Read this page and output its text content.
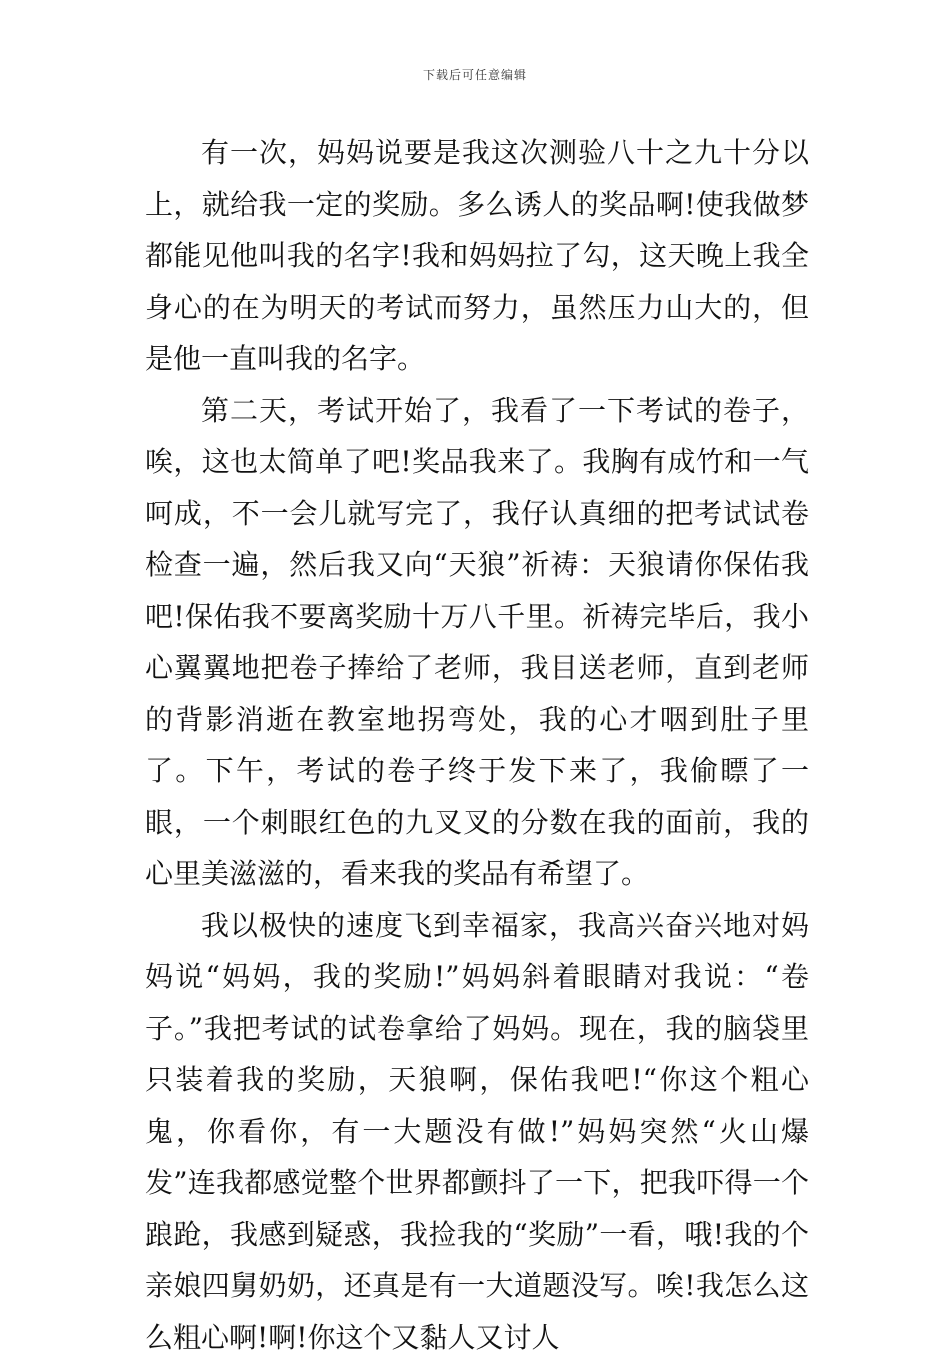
下载后可任意编辑

有一次，妈妈说要是我这次测验八十之九十分以上，就给我一定的奖励。多么诱人的奖品啊!使我做梦都能见他叫我的名字!我和妈妈拉了勾，这天晚上我全身心的在为明天的考试而努力，虽然压力山大的，但是他一直叫我的名字。

第二天，考试开始了，我看了一下考试的卷子，唉，这也太简单了吧!奖品我来了。我胸有成竹和一气呵成，不一会儿就写完了，我仔认真细的把考试试卷检查一遍，然后我又向“天狼”祈祷：天狼请你保佑我吧!保佑我不要离奖励十万八千里。祈祷完毕后，我小心翼翼地把卷子捧给了老师，我目送老师，直到老师的背影消逝在教室地拐弯处，我的心才咽到肚子里了。下午，考试的卷子终于发下来了，我偷瞟了一眼，一个刺眼红色的九叉叉的分数在我的面前，我的心里美滋滋的，看来我的奖品有希望了。

我以极快的速度飞到幸福家，我高兴奋兴地对妈妈说“妈妈，我的奖励!”妈妈斜着眼睛对我说：“卷子。”我把考试的试卷拿给了妈妈。现在，我的脑袋里只装着我的奖励，天狼啊，保佑我吧!“你这个粗心鬼，你看你，有一大题没有做!”妈妈突然“火山爆发”连我都感觉整个世界都颤抖了一下，把我吓得一个踉跄，我感到疑惑，我捡我的“奖励”一看，哦!我的个亲娘四舅奶奶，还真是有一大道题没写。唉!我怎么这么粗心啊!啊!你这个又黏人又讨人
